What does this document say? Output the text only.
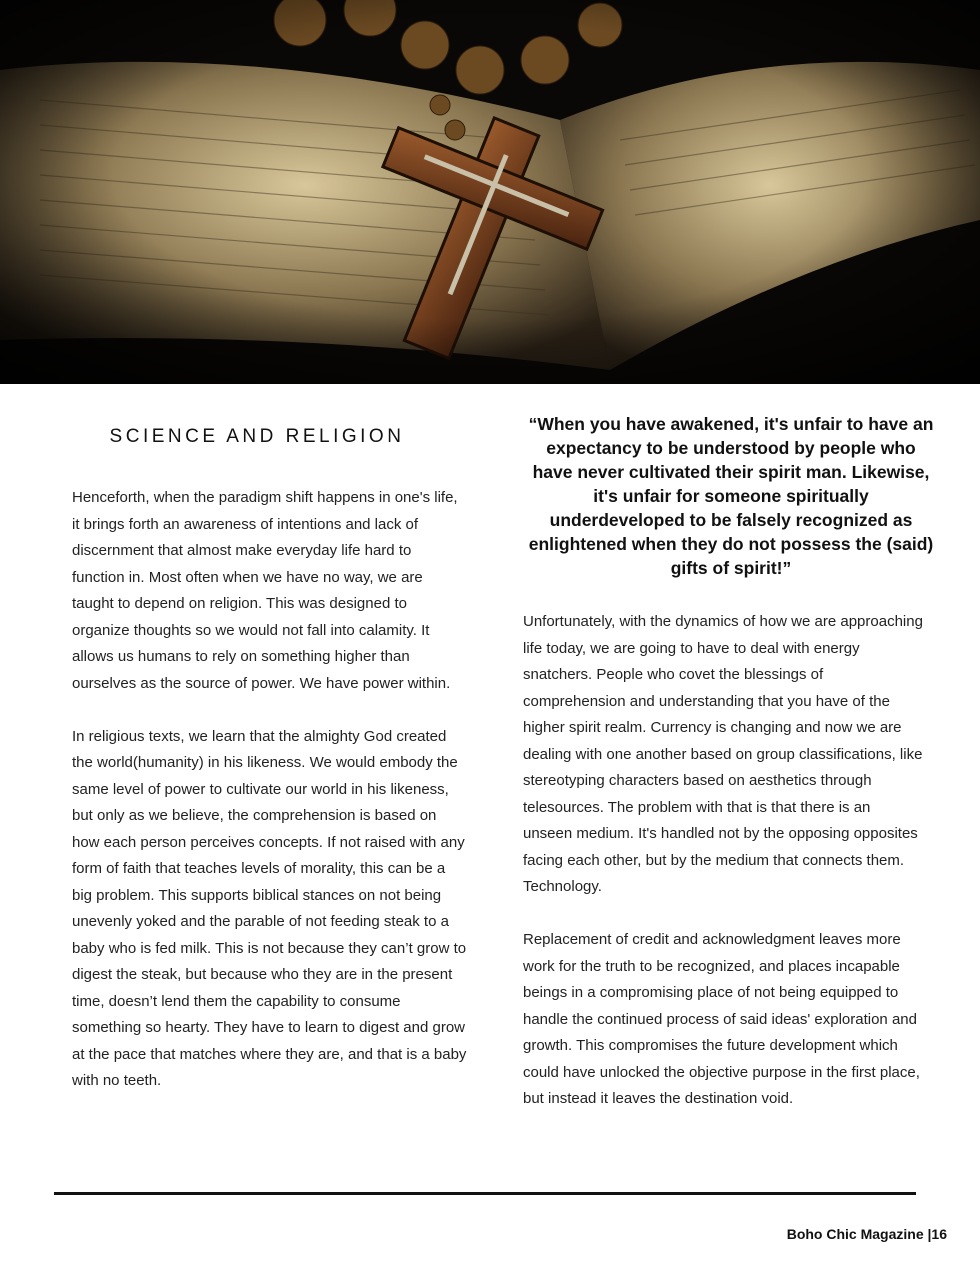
SCIENCE AND RELIGION

Henceforth, when the paradigm shift happens in one's life, it brings forth an awareness of intentions and lack of discernment that almost make everyday life hard to function in. Most often when we have no way, we are taught to depend on religion. This was designed to organize thoughts so we would not fall into calamity. It allows us humans to rely on something higher than ourselves as the source of power. We have power within.

In religious texts, we learn that the almighty God created the world(humanity) in his likeness. We would embody the same level of power to cultivate our world in his likeness, but only as we believe, the comprehension is based on how each person perceives concepts. If not raised with any form of faith that teaches levels of morality, this can be a big problem. This supports biblical stances on not being unevenly yoked and the parable of not feeding steak to a baby who is fed milk. This is not because they can’t grow to digest the steak, but because who they are in the present time, doesn’t lend them the capability to consume something so hearty. They have to learn to digest and grow at the pace that matches where they are, and that is a baby with no teeth.

“When you have awakened, it's unfair to have an expectancy to be understood by people who have never cultivated their spirit man. Likewise, it's unfair for someone spiritually underdeveloped to be falsely recognized as enlightened when they do not possess the (said) gifts of spirit!”

Unfortunately, with the dynamics of how we are approaching life today, we are going to have to deal with energy snatchers. People who covet the blessings of comprehension and understanding that you have of the higher spirit realm. Currency is changing and now we are dealing with one another based on group classifications, like stereotyping characters based on aesthetics through telesources. The problem with that is that there is an unseen medium. It's handled not by the opposing opposites facing each other, but by the medium that connects them. Technology.

Replacement of credit and acknowledgment leaves more work for the truth to be recognized, and places incapable beings in a compromising place of not being equipped to handle the continued process of said ideas' exploration and growth. This compromises the future development which could have unlocked the objective purpose in the first place, but instead it leaves the destination void.

Boho Chic Magazine |16
